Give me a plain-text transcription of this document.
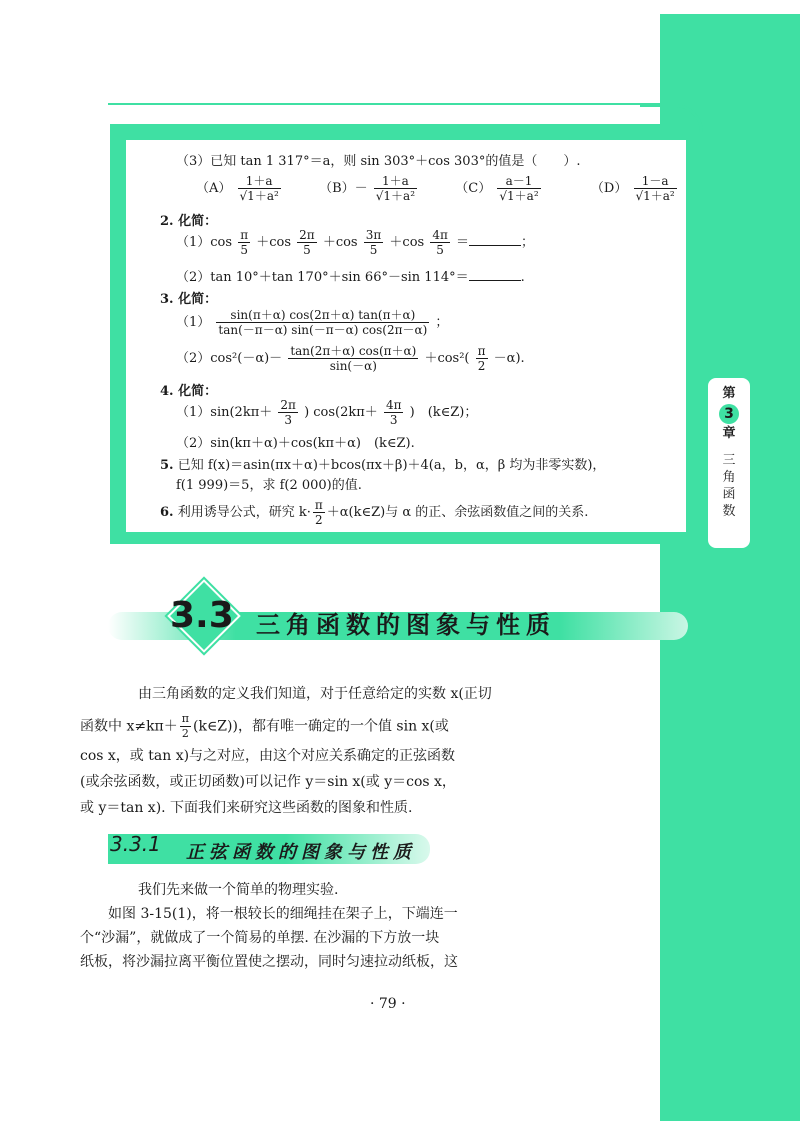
（3）已知 tan 1 317°＝a，则 sin 303°＋cos 303°的值是（　　）.
$(A) \frac{1+a}{\text{√1＋a²}}$	$(B)- \frac{1+a}{\text{√1＋a²}}$	$(C) \frac{a-1}{\text{√1＋a²}}$	$(D) \frac{1-a}{\text{√1＋a²}}$
2. 化简：
$(1)\cos \frac{\pi}{5} +\cos \frac{2\pi}{5} +\cos \frac{3\pi}{5} +\cos \frac{4\pi}{5}$ ＝	；
（2）tan 10°＋tan 170°＋sin 66°－sin 114°＝	.
3. 化简：
$(1) \frac{\sin(\pi+\alpha) \cos(2\pi+\alpha) \tan(\pi+\alpha)}{\tan(-\pi-\alpha) \sin(-\pi-\alpha) \cos(2\pi-\alpha)}$ ；
$(2)\cos^2(-\alpha)- \frac{\tan(2\pi+\alpha) \cos(\pi+\alpha)}{\sin(-\alpha)} +\cos^2( \frac{\pi}{2} -\alpha)$.
4. 化简：
$(1)\sin(2k\pi+ \frac{2\pi}{3}$ ) $\cos(2k\pi+ \frac{4\pi}{3}$ )　(k∈Z)；
（2）sin(kπ＋α)＋cos(kπ＋α)　(k∈Z).
5. 已知 f(x)＝asin(πx＋α)＋bcos(πx＋β)＋4(a，b，α，β 均为非零实数)，
f(1 999)＝5，求 f(2 000)的值.
6. 利用诱导公式，研究 $k\cdot \frac{\pi}{2}$ ＋α(k∈Z)与 α 的正、余弦函数值之间的关系.
第
3
章
三
角
函
数
3.3 三角函数的图象与性质
由三角函数的定义我们知道，对于任意给定的实数 x(正切
函数中 $x\ne k\pi+ \frac{\pi}{2}$ (k∈Z))，都有唯一确定的一个值 sin x(或
cos x，或 tan x)与之对应，由这个对应关系确定的正弦函数
(或余弦函数，或正切函数)可以记作 y＝sin x(或 y＝cos x，
或 y＝tan x). 下面我们来研究这些函数的图象和性质.
3.3.1 正弦函数的图象与性质
我们先来做一个简单的物理实验.
如图 3-15(1)，将一根较长的细绳挂在架子上，下端连一
个“沙漏”，就做成了一个简易的单摆. 在沙漏的下方放一块
纸板，将沙漏拉离平衡位置使之摆动，同时匀速拉动纸板，这
· 79 ·
